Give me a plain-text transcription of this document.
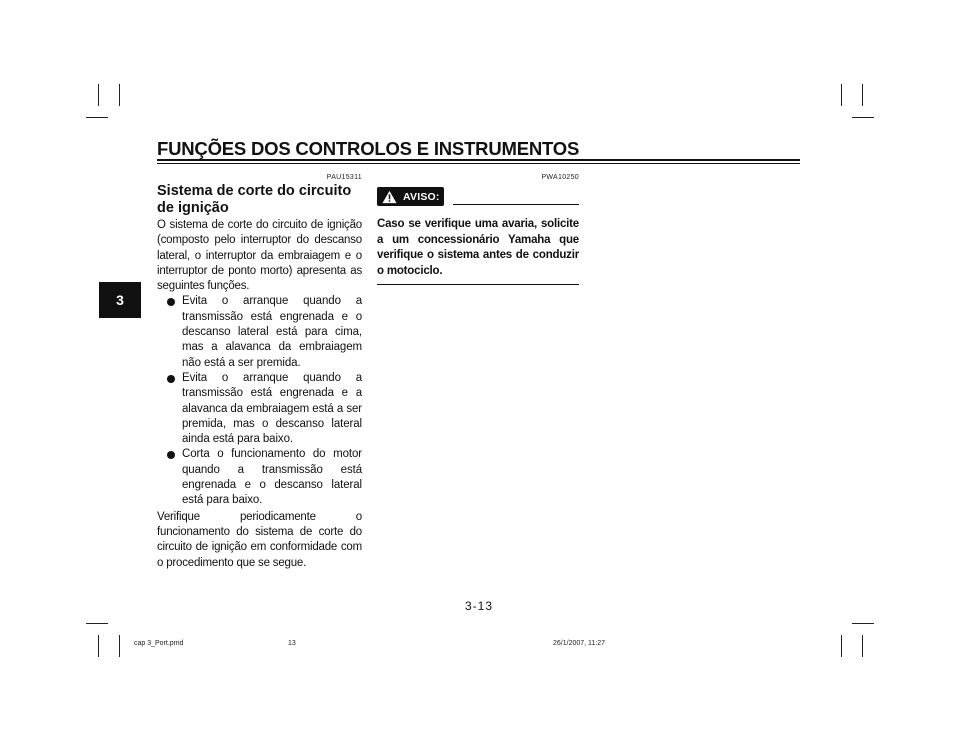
FUNÇÕES DOS CONTROLOS E INSTRUMENTOS
3
PAU15311
Sistema de corte do circuito
de ignição
O sistema de corte do circuito de ignição (composto pelo interruptor do descanso lateral, o interruptor da embraiagem e o interruptor de ponto morto) apresenta as seguintes funções.
Evita o arranque quando a transmissão está engrenada e o descanso lateral está para cima, mas a alavanca da embraiagem não está a ser premida.
Evita o arranque quando a transmissão está engrenada e a alavanca da embraiagem está a ser premida, mas o descanso lateral ainda está para baixo.
Corta o funcionamento do motor quando a transmissão está engrenada e o descanso lateral está para baixo.
Verifique periodicamente o funcionamento do sistema de corte do circuito de ignição em conformidade com o procedimento que se segue.
PWA10250
AVISO:
Caso se verifique uma avaria, solicite a um concessionário Yamaha que verifique o sistema antes de conduzir o motociclo.
3-13
cap 3_Port.pmd	13	26/1/2007, 11:27
